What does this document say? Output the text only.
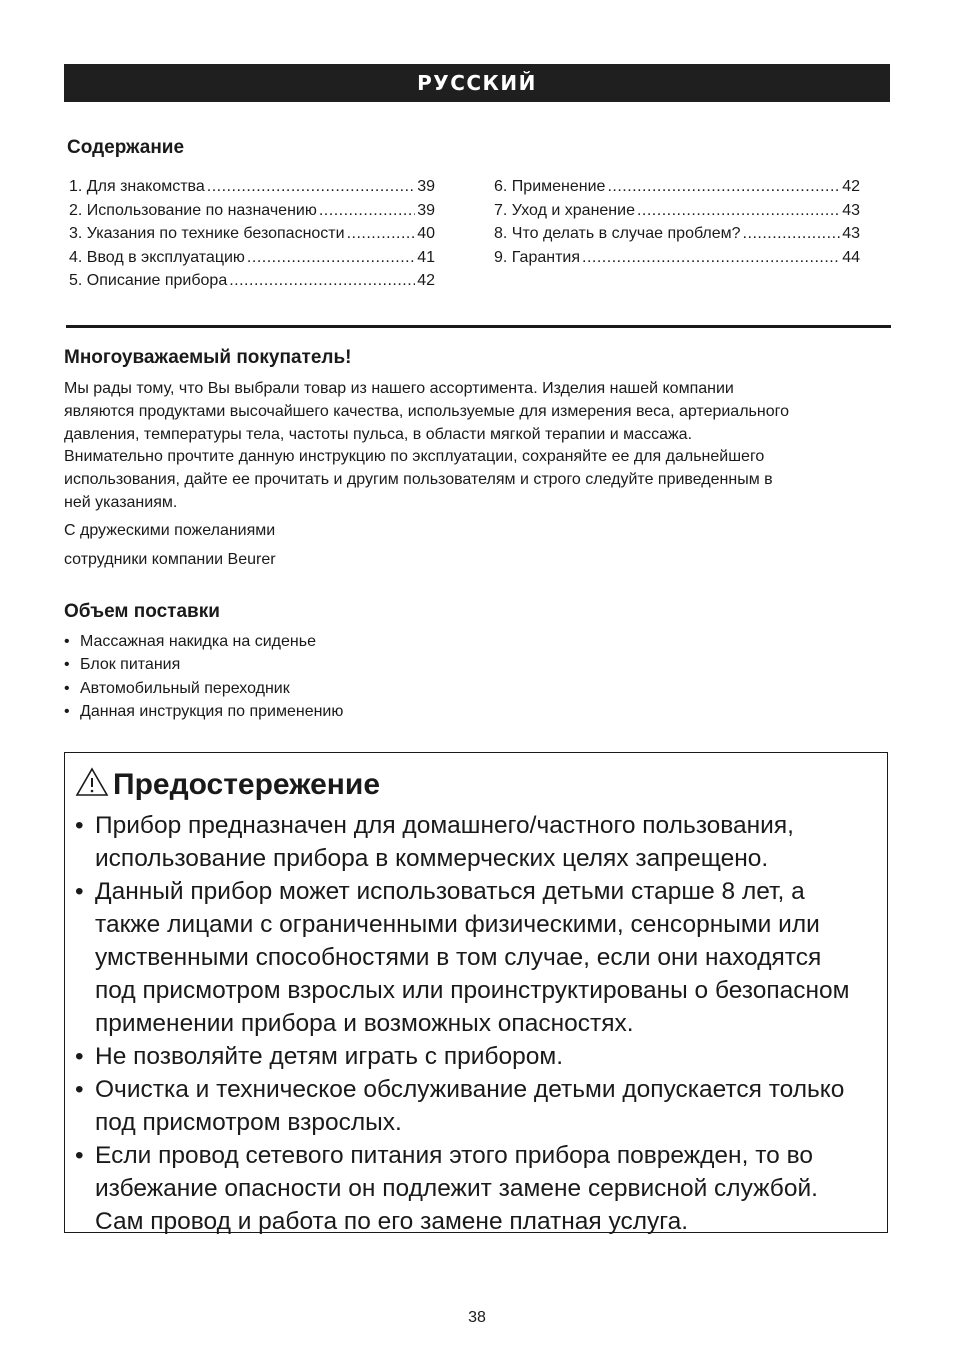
РУССКИЙ
Содержание
1. Для знакомства .....	39
2. Использование по назначению .....	39
3. Указания по технике безопасности .....	40
4. Ввод в эксплуатацию .....	41
5. Описание прибора .....	42
6. Применение .....	42
7. Уход и хранение .....	43
8. Что делать в случае проблем? .....	43
9. Гарантия .....	44
Многоуважаемый покупатель!
Мы рады тому, что Вы выбрали товар из нашего ассортимента. Изделия нашей компании
являются продуктами высочайшего качества, используемые для измерения веса, артериального
давления, температуры тела, частоты пульса, в области мягкой терапии и массажа.
Внимательно прочтите данную инструкцию по эксплуатации, сохраняйте ее для дальнейшего
использования, дайте ее прочитать и другим пользователям и строго следуйте приведенным в
ней указаниям.
С дружескими пожеланиями
сотрудники компании Beurer
Объем поставки
• Массажная накидка на сиденье
• Блок питания
• Автомобильный переходник
• Данная инструкция по применению
Предостережение
• Прибор предназначен для домашнего/частного пользования,
использование прибора в коммерческих целях запрещено.
• Данный прибор может использоваться детьми старше 8 лет, а
также лицами с ограниченными физическими, сенсорными или
умственными способностями в том случае, если они находятся
под присмотром взрослых или проинструктированы о безопасном
применении прибора и возможных опасностях.
• Не позволяйте детям играть с прибором.
• Очистка и техническое обслуживание детьми допускается только
под присмотром взрослых.
• Если провод сетевого питания этого прибора поврежден, то во
избежание опасности он подлежит замене сервисной службой.
Сам провод и работа по его замене платная услуга.
38
